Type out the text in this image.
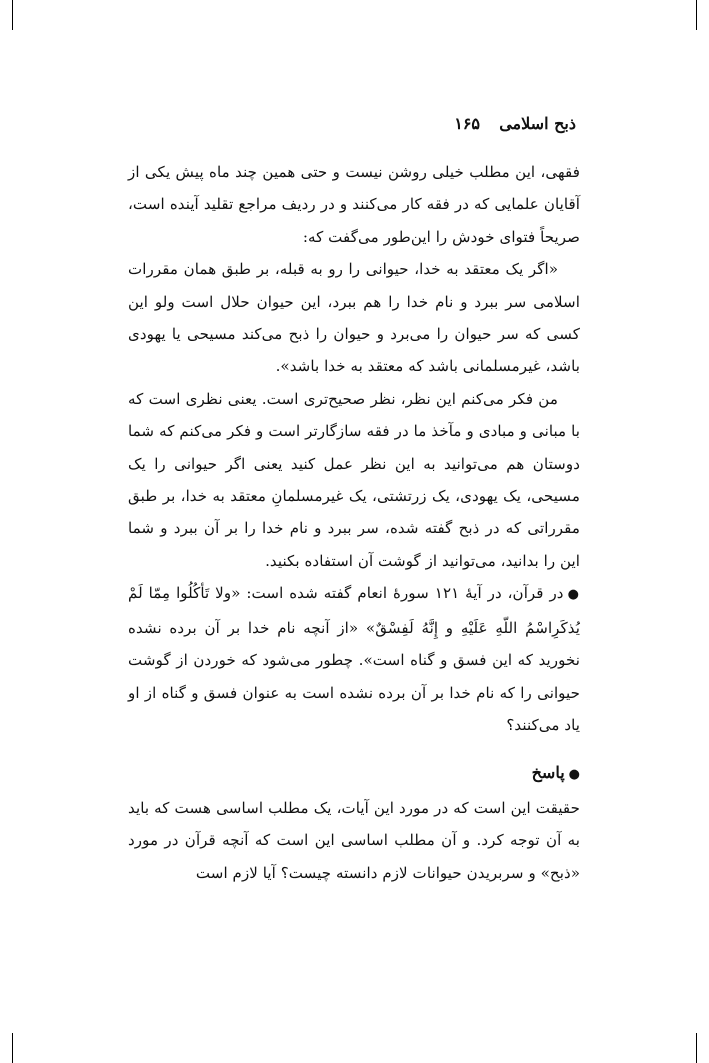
ذبح اسلامی
۱۶۵

فقهی، این مطلب خیلی روشن نیست و حتی همین چند ماه پیش یکی از آقایان علمایی که در فقه کار می‌کنند و در ردیف مراجع تقلید آینده است، صریحاً فتوای خودش را این‌طور می‌گفت که:

«اگر یک معتقد به خدا، حیوانی را رو به قبله، بر طبق همان مقررات اسلامی سر ببرد و نام خدا را هم ببرد، این حیوان حلال است ولو این‌ کسی که سر حیوان را می‌برد و حیوان را ذبح می‌کند مسیحی یا یهودی باشد، غیرمسلمانی باشد که معتقد به خدا باشد».

من فکر می‌کنم این نظر، نظر صحیح‌تری است. یعنی نظری است که با مبانی و مبادی و مآخذ ما در فقه سازگارتر است و فکر می‌کنم که شما دوستان هم می‌توانید به این نظر عمل کنید یعنی اگر حیوانی را یک مسیحی، یک یهودی، یک زرتشتی، یک غیرمسلمانِ معتقد به خدا، بر طبق مقرراتی که در ذبح گفته شده، سر ببرد و نام خدا را بر آن ببرد و شما این را بدانید، می‌توانید از گوشت آن استفاده بکنید.

●در قرآن، در آیهٔ ۱۲۱ سورهٔ انعام گفته شده است: «ولا تَأكُلُوا مِمّا لَمْ يُذكَرِاسْمُ اللّهِ عَلَيْهِ و إِنَّهُ لَفِسْقٌ» «از آنچه نام خدا بر آن برده نشده نخورید که این فسق و گناه است». چطور می‌شود که خوردن از گوشت حیوانی را که نام خدا بر آن برده نشده است به عنوان فسق و گناه از او یاد می‌کنند؟

●پاسخ

حقیقت این است که در مورد این آیات، یک مطلب اساسی هست که باید به آن توجه کرد. و آن مطلب اساسی این است که آنچه قرآن در مورد «ذبح» و سربریدن حیوانات لازم دانسته چیست؟ آیا لازم است
